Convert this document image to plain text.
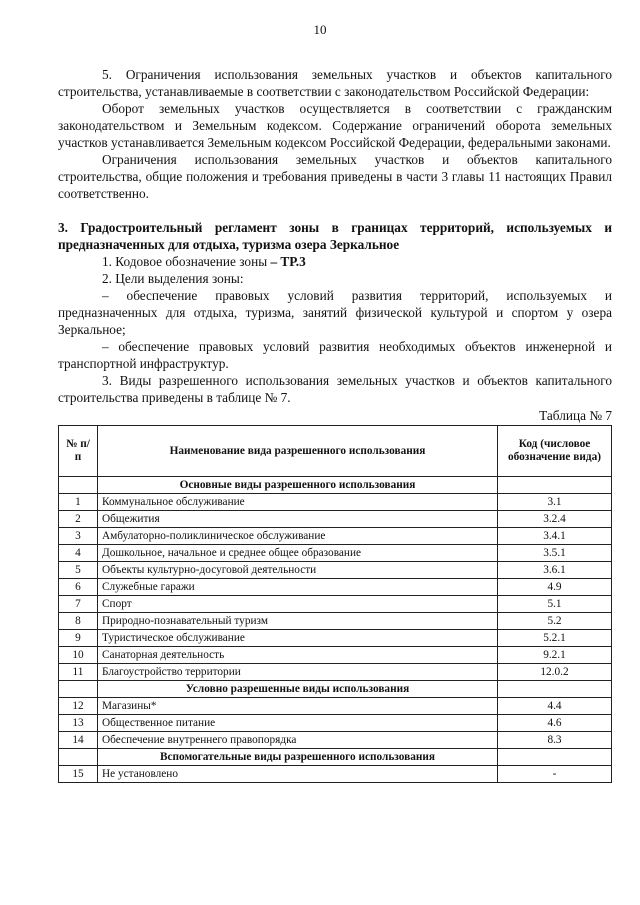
10

5. Ограничения использования земельных участков и объектов капитального строительства, устанавливаемые в соответствии с законодательством Российской Федерации:

Оборот земельных участков осуществляется в соответствии с гражданским законодательством и Земельным кодексом. Содержание ограничений оборота земельных участков устанавливается Земельным кодексом Российской Федерации, федеральными законами.

Ограничения использования земельных участков и объектов капитального строительства, общие положения и требования приведены в части 3 главы 11 настоящих Правил соответственно.

3. Градостроительный регламент зоны в границах территорий, используемых и предназначенных для отдыха, туризма озера Зеркальное

1. Кодовое обозначение зоны – ТР.3

2. Цели выделения зоны:

– обеспечение правовых условий развития территорий, используемых и предназначенных для отдыха, туризма, занятий физической культурой и спортом у озера Зеркальное;

– обеспечение правовых условий развития необходимых объектов инженерной и транспортной инфраструктур.

3. Виды разрешенного использования земельных участков и объектов капитального строительства приведены в таблице № 7.

Таблица № 7
№ п/п	Наименование вида разрешенного использования	Код (числовое обозначение вида)
	Основные виды разрешенного использования	
1	Коммунальное обслуживание	3.1
2	Общежития	3.2.4
3	Амбулаторно-поликлиническое обслуживание	3.4.1
4	Дошкольное, начальное и среднее общее образование	3.5.1
5	Объекты культурно-досуговой деятельности	3.6.1
6	Служебные гаражи	4.9
7	Спорт	5.1
8	Природно-познавательный туризм	5.2
9	Туристическое обслуживание	5.2.1
10	Санаторная деятельность	9.2.1
11	Благоустройство территории	12.0.2
	Условно разрешенные виды использования	
12	Магазины*	4.4
13	Общественное питание	4.6
14	Обеспечение внутреннего правопорядка	8.3
	Вспомогательные виды разрешенного использования	
15	Не установлено	-
